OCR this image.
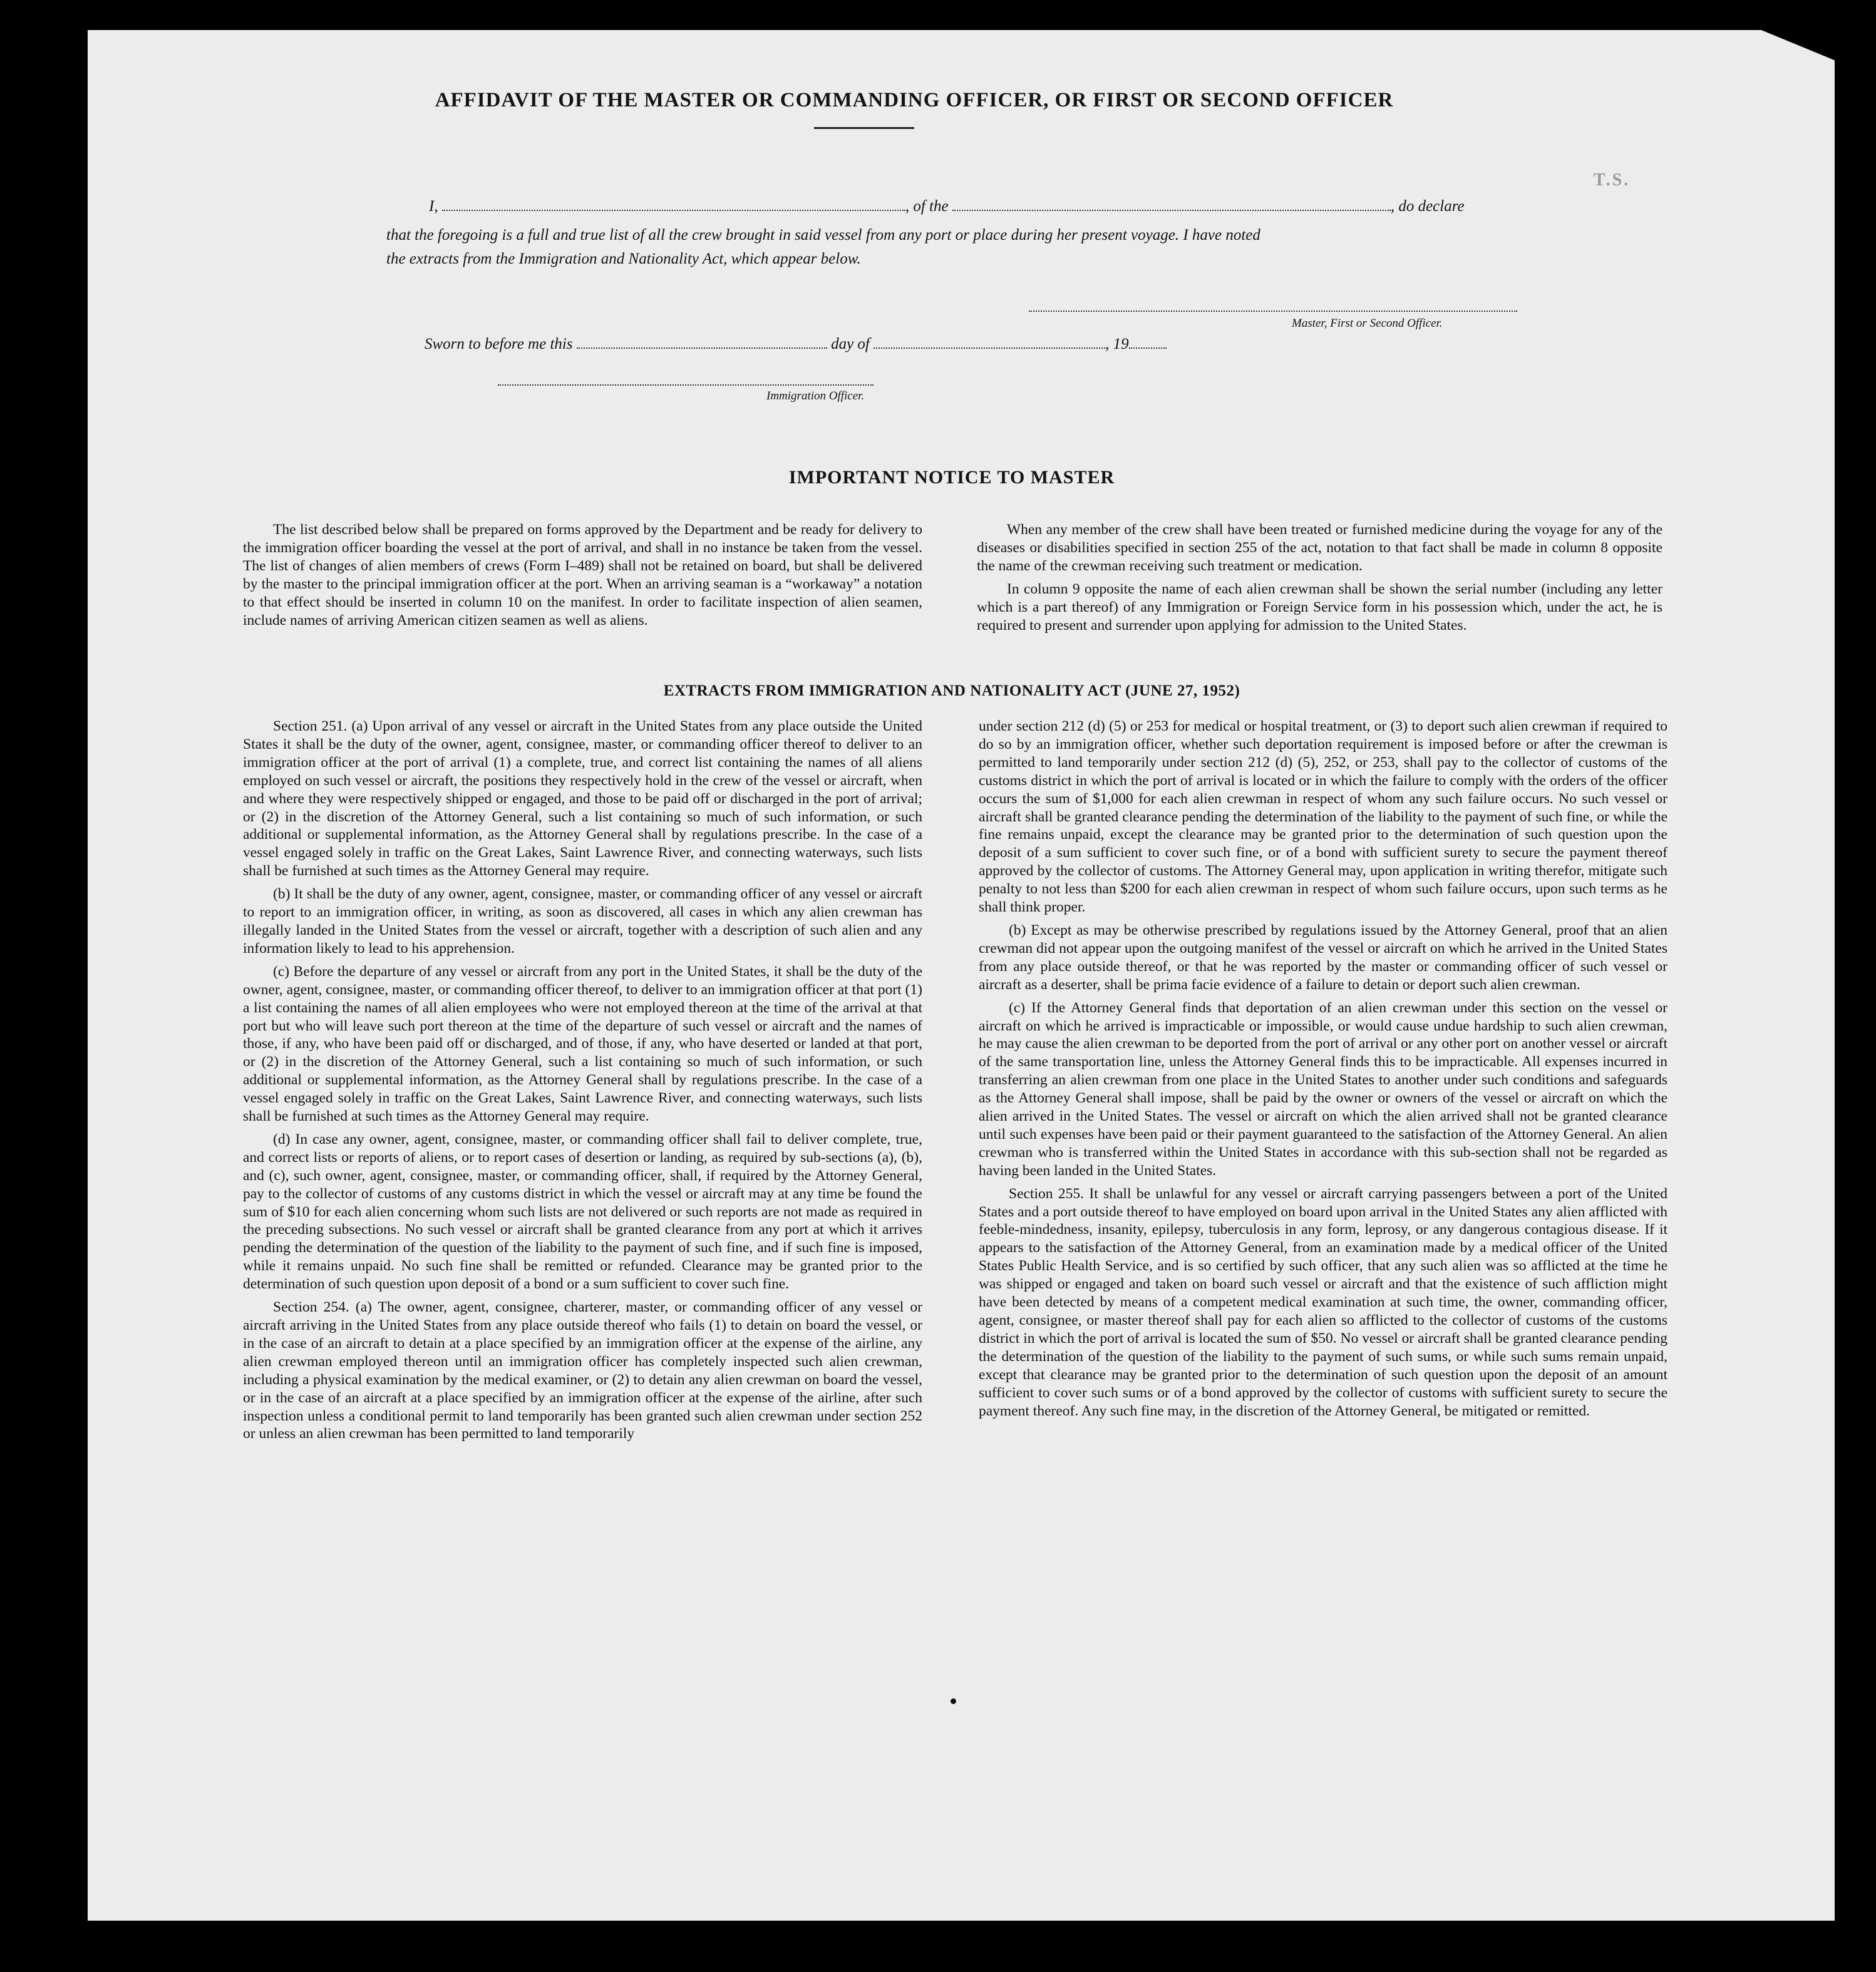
AFFIDAVIT OF THE MASTER OR COMMANDING OFFICER, OR FIRST OR SECOND OFFICER
T.S.
I,	, of the	, do declare
that the foregoing is a full and true list of all the crew brought in said vessel from any port or place during her present voyage. I have noted
the extracts from the Immigration and Nationality Act, which appear below.
Master, First or Second Officer.
Sworn to before me this	day of	, 19
Immigration Officer.
IMPORTANT NOTICE TO MASTER

The list described below shall be prepared on forms approved by the Department and be ready for delivery to the immigration officer boarding the vessel at the port of arrival, and shall in no instance be taken from the vessel. The list of changes of alien members of crews (Form I–489) shall not be retained on board, but shall be delivered by the master to the principal immigration officer at the port. When an arriving seaman is a “workaway” a notation to that effect should be inserted in column 10 on the manifest. In order to facilitate inspection of alien seamen, include names of arriving American citizen seamen as well as aliens.

When any member of the crew shall have been treated or furnished medicine during the voyage for any of the diseases or disabilities specified in section 255 of the act, notation to that fact shall be made in column 8 opposite the name of the crewman receiving such treatment or medication.

In column 9 opposite the name of each alien crewman shall be shown the serial number (including any letter which is a part thereof) of any Immigration or Foreign Service form in his possession which, under the act, he is required to present and surrender upon applying for admission to the United States.

EXTRACTS FROM IMMIGRATION AND NATIONALITY ACT (JUNE 27, 1952)

Section 251. (a) Upon arrival of any vessel or aircraft in the United States from any place outside the United States it shall be the duty of the owner, agent, consignee, master, or commanding officer thereof to deliver to an immigration officer at the port of arrival (1) a complete, true, and correct list containing the names of all aliens employed on such vessel or aircraft, the positions they respectively hold in the crew of the vessel or aircraft, when and where they were respectively shipped or engaged, and those to be paid off or discharged in the port of arrival; or (2) in the discretion of the Attorney General, such a list containing so much of such information, or such additional or supplemental information, as the Attorney General shall by regulations prescribe. In the case of a vessel engaged solely in traffic on the Great Lakes, Saint Lawrence River, and connecting waterways, such lists shall be furnished at such times as the Attorney General may require.

(b) It shall be the duty of any owner, agent, consignee, master, or commanding officer of any vessel or aircraft to report to an immigration officer, in writing, as soon as discovered, all cases in which any alien crewman has illegally landed in the United States from the vessel or aircraft, together with a description of such alien and any information likely to lead to his apprehension.

(c) Before the departure of any vessel or aircraft from any port in the United States, it shall be the duty of the owner, agent, consignee, master, or commanding officer thereof, to deliver to an immigration officer at that port (1) a list containing the names of all alien employees who were not employed thereon at the time of the arrival at that port but who will leave such port thereon at the time of the departure of such vessel or aircraft and the names of those, if any, who have been paid off or discharged, and of those, if any, who have deserted or landed at that port, or (2) in the discretion of the Attorney General, such a list containing so much of such information, or such additional or supplemental information, as the Attorney General shall by regulations prescribe. In the case of a vessel engaged solely in traffic on the Great Lakes, Saint Lawrence River, and connecting waterways, such lists shall be furnished at such times as the Attorney General may require.

(d) In case any owner, agent, consignee, master, or commanding officer shall fail to deliver complete, true, and correct lists or reports of aliens, or to report cases of desertion or landing, as required by sub-sections (a), (b), and (c), such owner, agent, consignee, master, or commanding officer, shall, if required by the Attorney General, pay to the collector of customs of any customs district in which the vessel or aircraft may at any time be found the sum of $10 for each alien concerning whom such lists are not delivered or such reports are not made as required in the preceding subsections. No such vessel or aircraft shall be granted clearance from any port at which it arrives pending the determination of the question of the liability to the payment of such fine, and if such fine is imposed, while it remains unpaid. No such fine shall be remitted or refunded. Clearance may be granted prior to the determination of such question upon deposit of a bond or a sum sufficient to cover such fine.

Section 254. (a) The owner, agent, consignee, charterer, master, or commanding officer of any vessel or aircraft arriving in the United States from any place outside thereof who fails (1) to detain on board the vessel, or in the case of an aircraft to detain at a place specified by an immigration officer at the expense of the airline, any alien crewman employed thereon until an immigration officer has completely inspected such alien crewman, including a physical examination by the medical examiner, or (2) to detain any alien crewman on board the vessel, or in the case of an aircraft at a place specified by an immigration officer at the expense of the airline, after such inspection unless a conditional permit to land temporarily has been granted such alien crewman under section 252 or unless an alien crewman has been permitted to land temporarily

under section 212 (d) (5) or 253 for medical or hospital treatment, or (3) to deport such alien crewman if required to do so by an immigration officer, whether such deportation requirement is imposed before or after the crewman is permitted to land temporarily under section 212 (d) (5), 252, or 253, shall pay to the collector of customs of the customs district in which the port of arrival is located or in which the failure to comply with the orders of the officer occurs the sum of $1,000 for each alien crewman in respect of whom any such failure occurs. No such vessel or aircraft shall be granted clearance pending the determination of the liability to the payment of such fine, or while the fine remains unpaid, except the clearance may be granted prior to the determination of such question upon the deposit of a sum sufficient to cover such fine, or of a bond with sufficient surety to secure the payment thereof approved by the collector of customs. The Attorney General may, upon application in writing therefor, mitigate such penalty to not less than $200 for each alien crewman in respect of whom such failure occurs, upon such terms as he shall think proper.

(b) Except as may be otherwise prescribed by regulations issued by the Attorney General, proof that an alien crewman did not appear upon the outgoing manifest of the vessel or aircraft on which he arrived in the United States from any place outside thereof, or that he was reported by the master or commanding officer of such vessel or aircraft as a deserter, shall be prima facie evidence of a failure to detain or deport such alien crewman.

(c) If the Attorney General finds that deportation of an alien crewman under this section on the vessel or aircraft on which he arrived is impracticable or impossible, or would cause undue hardship to such alien crewman, he may cause the alien crewman to be deported from the port of arrival or any other port on another vessel or aircraft of the same transportation line, unless the Attorney General finds this to be impracticable. All expenses incurred in transferring an alien crewman from one place in the United States to another under such conditions and safeguards as the Attorney General shall impose, shall be paid by the owner or owners of the vessel or aircraft on which the alien arrived in the United States. The vessel or aircraft on which the alien arrived shall not be granted clearance until such expenses have been paid or their payment guaranteed to the satisfaction of the Attorney General. An alien crewman who is transferred within the United States in accordance with this sub-section shall not be regarded as having been landed in the United States.

Section 255. It shall be unlawful for any vessel or aircraft carrying passengers between a port of the United States and a port outside thereof to have employed on board upon arrival in the United States any alien afflicted with feeble-mindedness, insanity, epilepsy, tuberculosis in any form, leprosy, or any dangerous contagious disease. If it appears to the satisfaction of the Attorney General, from an examination made by a medical officer of the United States Public Health Service, and is so certified by such officer, that any such alien was so afflicted at the time he was shipped or engaged and taken on board such vessel or aircraft and that the existence of such affliction might have been detected by means of a competent medical examination at such time, the owner, commanding officer, agent, consignee, or master thereof shall pay for each alien so afflicted to the collector of customs of the customs district in which the port of arrival is located the sum of $50. No vessel or aircraft shall be granted clearance pending the determination of the question of the liability to the payment of such sums, or while such sums remain unpaid, except that clearance may be granted prior to the determination of such question upon the deposit of an amount sufficient to cover such sums or of a bond approved by the collector of customs with sufficient surety to secure the payment thereof. Any such fine may, in the discretion of the Attorney General, be mitigated or remitted.
